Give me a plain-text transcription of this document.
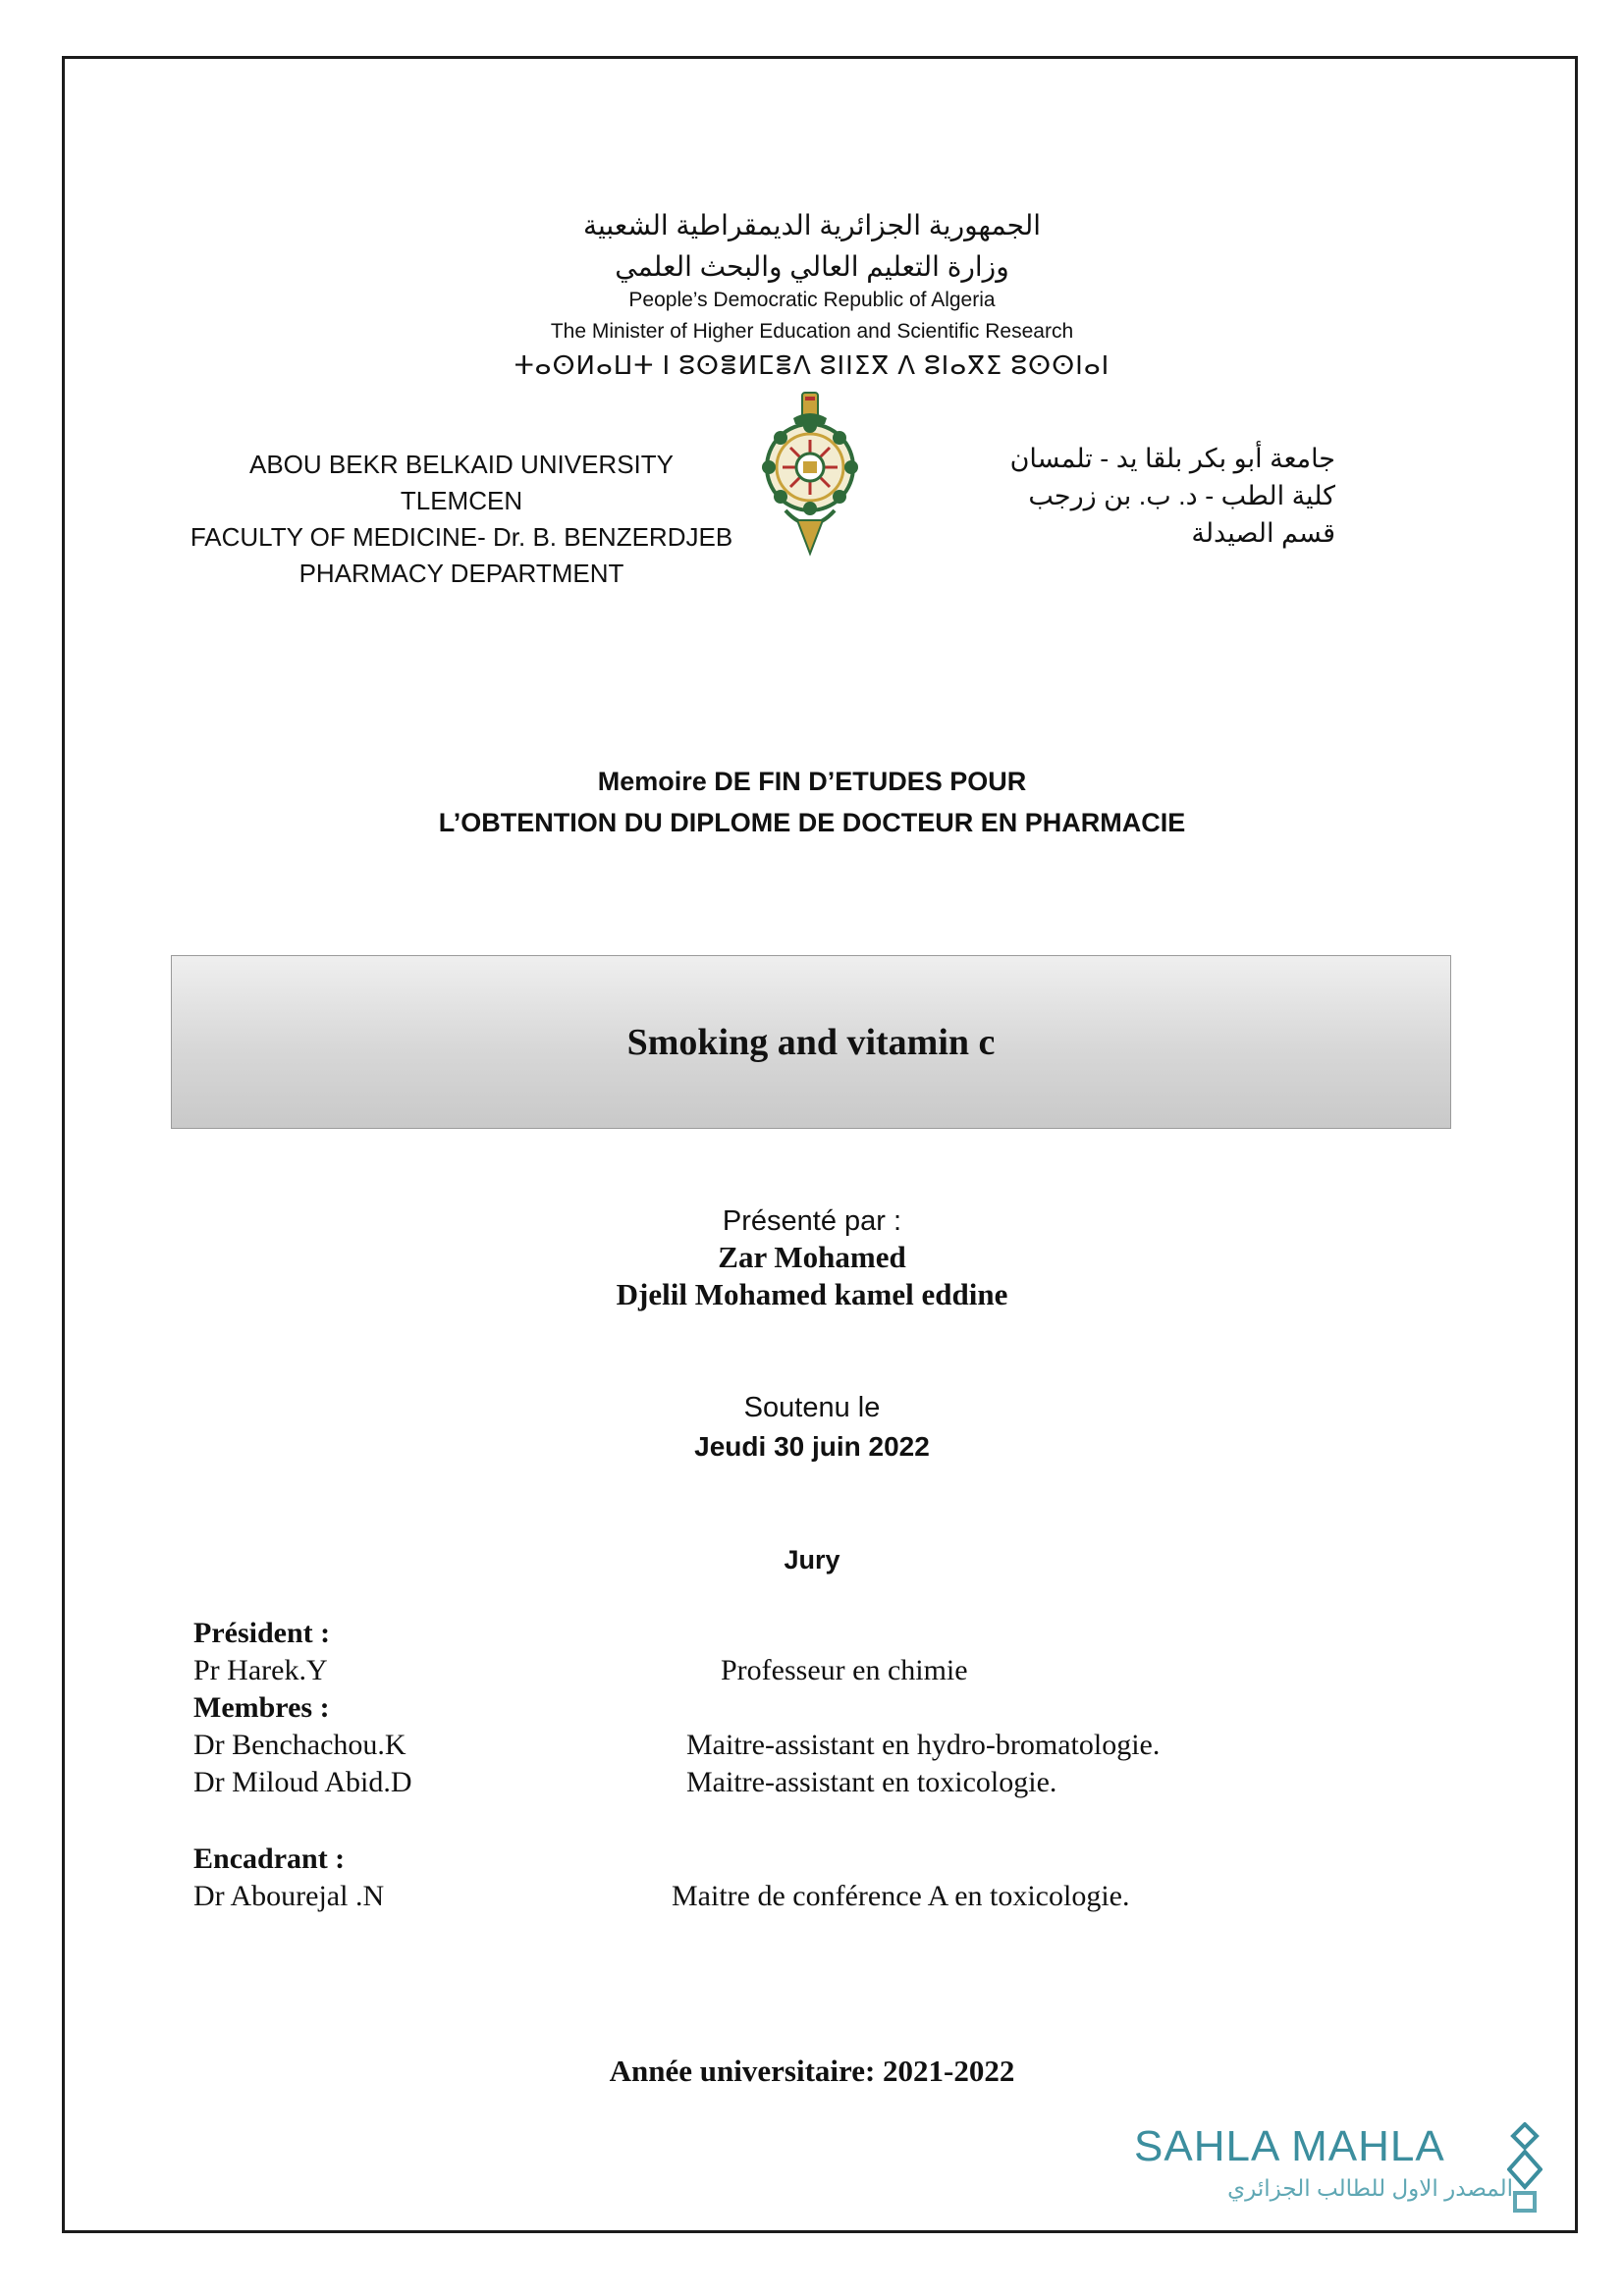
الجمهورية الجزائرية الديمقراطية الشعبية
وزارة التعليم العالي والبحث العلمي
People’s Democratic Republic of Algeria
The Minister of Higher Education and Scientific Research
ⵜⴰⵙⵍⴰⵡⵜ ⵏ ⵓⵙⴻⵍⵎⴻⴷ ⵓⵏⵏⵉⴳ ⴷ ⵓⵏⴰⴳⵉ ⵓⵙⵙⵏⴰⵏ
ABOU BEKR BELKAID UNIVERSITY TLEMCEN
FACULTY OF MEDICINE- Dr. B. BENZERDJEB
PHARMACY DEPARTMENT
جامعة أبو بكر بلقا يد - تلمسان
كلية الطب - د. ب. بن زرجب
قسم الصيدلة
Memoire DE FIN D’ETUDES POUR
L’OBTENTION DU DIPLOME DE DOCTEUR EN PHARMACIE
Smoking and vitamin c
Présenté par :
Zar Mohamed
Djelil Mohamed kamel eddine
Soutenu le
Jeudi 30 juin 2022
Jury
Président :
Pr Harek.Y	Professeur en chimie
Membres :
Dr Benchachou.K	Maitre-assistant en hydro-bromatologie.
Dr Miloud Abid.D	Maitre-assistant en toxicologie.
Encadrant :
Dr Abourejal .N	Maitre de conférence A en toxicologie.
Année universitaire: 2021-2022
SAHLA MAHLA
المصدر الاول للطالب الجزائري
